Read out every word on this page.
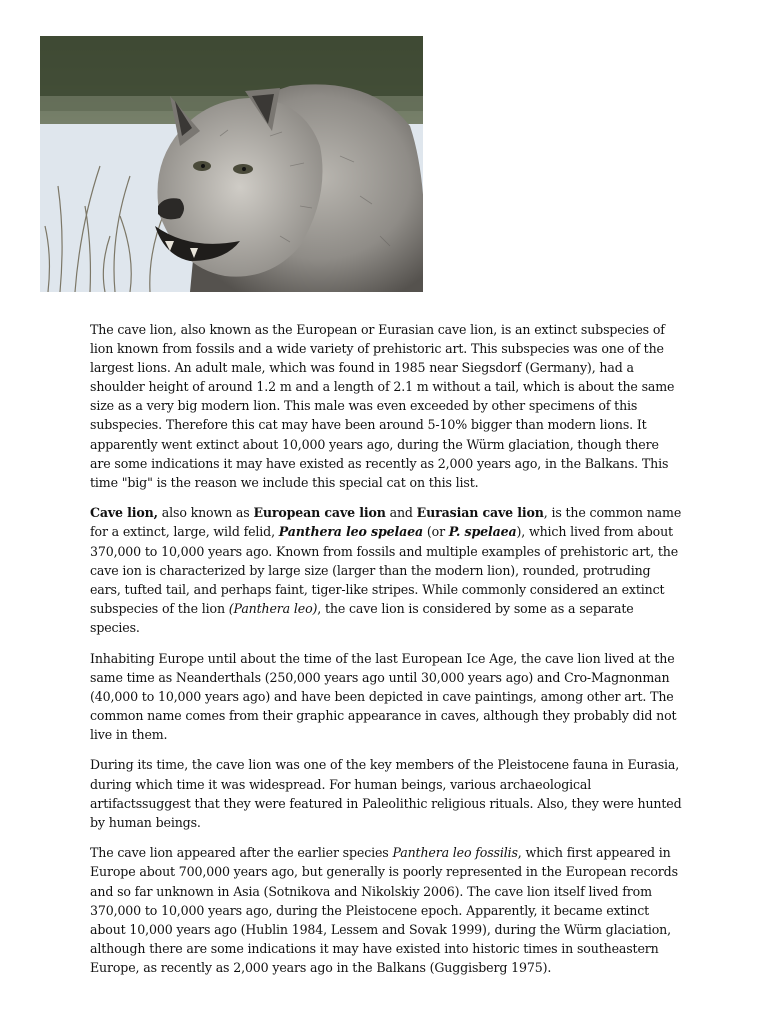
The cave lion, also known as the European or Eurasian cave lion, is an extinct subspecies of lion known from fossils and a wide variety of prehistoric art. This subspecies was one of the largest lions. An adult male, which was found in 1985 near Siegsdorf (Germany), had a shoulder height of around 1.2 m and a length of 2.1 m without a tail, which is about the same size as a very big modern lion. This male was even exceeded by other specimens of this subspecies. Therefore this cat may have been around 5-10% bigger than modern lions. It apparently went extinct about 10,000 years ago, during the Würm glaciation, though there are some indications it may have existed as recently as 2,000 years ago, in the Balkans. This time "big" is the reason we include this special cat on this list.

Cave lion, also known as European cave lion and Eurasian cave lion, is the common name for a extinct, large, wild felid, Panthera leo spelaea (or P. spelaea), which lived from about 370,000 to 10,000 years ago. Known from fossils and multiple examples of prehistoric art, the cave ion is characterized by large size (larger than the modern lion), rounded, protruding ears, tufted tail, and perhaps faint, tiger-like stripes. While commonly considered an extinct subspecies of the lion (Panthera leo), the cave lion is considered by some as a separate species.

Inhabiting Europe until about the time of the last European Ice Age, the cave lion lived at the same time as Neanderthals (250,000 years ago until 30,000 years ago) and Cro-Magnonman (40,000 to 10,000 years ago) and have been depicted in cave paintings, among other art. The common name comes from their graphic appearance in caves, although they probably did not live in them.

During its time, the cave lion was one of the key members of the Pleistocene fauna in Eurasia, during which time it was widespread. For human beings, various archaeological artifactssuggest that they were featured in Paleolithic religious rituals. Also, they were hunted by human beings.

The cave lion appeared after the earlier species Panthera leo fossilis, which first appeared in Europe about 700,000 years ago, but generally is poorly represented in the European records and so far unknown in Asia (Sotnikova and Nikolskiy 2006). The cave lion itself lived from 370,000 to 10,000 years ago, during the Pleistocene epoch. Apparently, it became extinct about 10,000 years ago (Hublin 1984, Lessem and Sovak 1999), during the Würm glaciation, although there are some indications it may have existed into historic times in southeastern Europe, as recently as 2,000 years ago in the Balkans (Guggisberg 1975).
